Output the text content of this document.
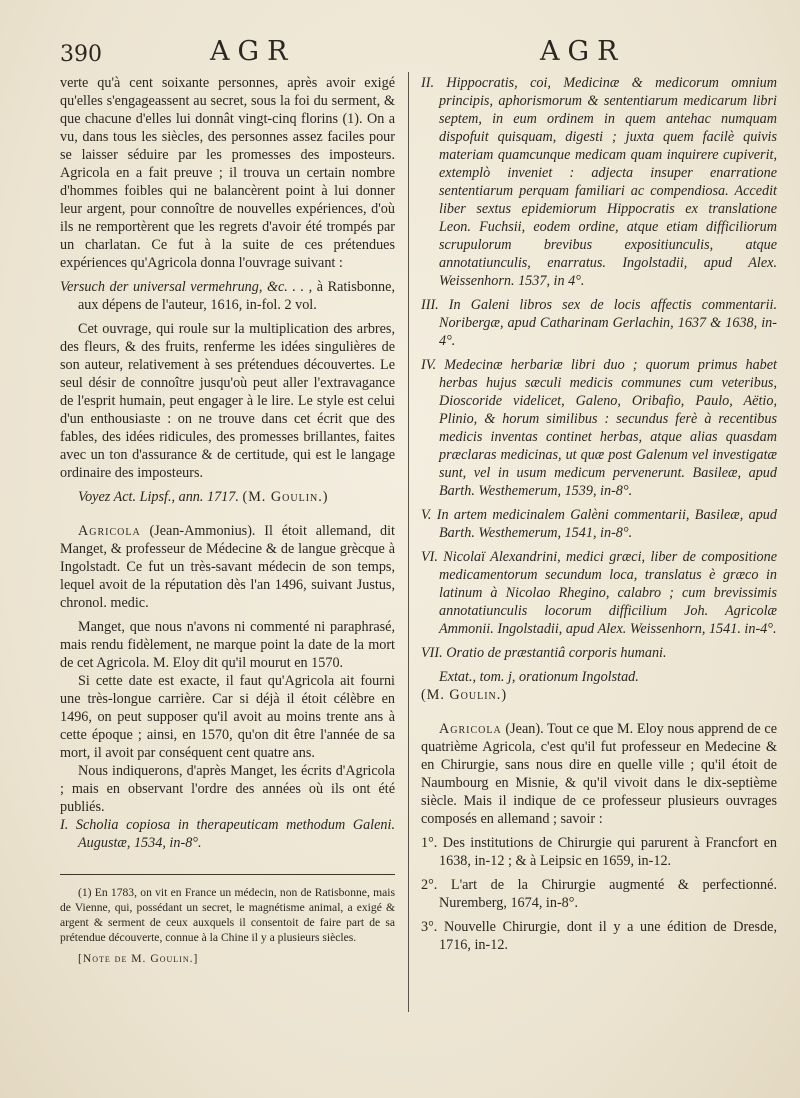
390	AGR	AGR

verte qu'à cent soixante personnes, après avoir exigé qu'elles s'engageassent au secret, sous la foi du serment, & que chacune d'elles lui donnât vingt-cinq florins (1). On a vu, dans tous les siècles, des personnes assez faciles pour se laisser séduire par les promesses des imposteurs. Agricola en a fait preuve ; il trouva un certain nombre d'hommes foibles qui ne balancèrent point à lui donner leur argent, pour connoître de nouvelles expériences, d'où ils ne remportèrent que les regrets d'avoir été trompés par un charlatan. Ce fut à la suite de ces prétendues expériences qu'Agricola donna l'ouvrage suivant :

Versuch der universal vermehrung, &c. . . , à Ratisbonne, aux dépens de l'auteur, 1616, in-fol. 2 vol.

Cet ouvrage, qui roule sur la multiplication des arbres, des fleurs, & des fruits, renferme les idées singulières de son auteur, relativement à ses prétendues découvertes. Le seul désir de connoître jusqu'où peut aller l'extravagance de l'esprit humain, peut engager à le lire. Le style est celui d'un enthousiaste : on ne trouve dans cet écrit que des fables, des idées ridicules, des promesses brillantes, faites avec un ton d'assurance & de certitude, qui est le langage ordinaire des imposteurs.

Voyez Act. Lipsf., ann. 1717. (M. Goulin.)

Agricola (Jean-Ammonius). Il étoit allemand, dit Manget, & professeur de Médecine & de langue grècque à Ingolstadt. Ce fut un très-savant médecin de son temps, lequel avoit de la réputation dès l'an 1496, suivant Justus, chronol. medic.

Manget, que nous n'avons ni commenté ni paraphrasé, mais rendu fidèlement, ne marque point la date de la mort de cet Agricola. M. Eloy dit qu'il mourut en 1570.

Si cette date est exacte, il faut qu'Agricola ait fourni une très-longue carrière. Car si déjà il étoit célèbre en 1496, on peut supposer qu'il avoit au moins trente ans à cette époque ; ainsi, en 1570, qu'on dit être l'année de sa mort, il avoit par conséquent cent quatre ans.

Nous indiquerons, d'après Manget, les écrits d'Agricola ; mais en observant l'ordre des années où ils ont été publiés.

I. Scholia copiosa in therapeuticam methodum Galeni. Augustæ, 1534, in-8°.

(1) En 1783, on vit en France un médecin, non de Ratisbonne, mais de Vienne, qui, possédant un secret, le magnétisme animal, a exigé & argent & serment de ceux auxquels il consentoit de faire part de sa prétendue découverte, connue à la Chine il y a plusieurs siècles.

[Note de M. Goulin.]

II. Hippocratis, coi, Medicinæ & medicorum omnium principis, aphorismorum & sententiarum medicarum libri septem, in eum ordinem in quem antehac numquam dispofuit quisquam, digesti ; juxta quem facilè quivis materiam quamcunque medicam quam inquirere cupiverit, extemplò inveniet : adjecta insuper enarratione sententiarum perquam familiari ac compendiosa. Accedit liber sextus epidemiorum Hippocratis ex translatione Leon. Fuchsii, eodem ordine, atque etiam difficiliorum scrupulorum brevibus expositiunculis, atque annotatiunculis, enarratus. Ingolstadii, apud Alex. Weissenhorn. 1537, in 4°.

III. In Galeni libros sex de locis affectis commentarii. Noribergæ, apud Catharinam Gerlachin, 1637 & 1638, in-4°.

IV. Medecinæ herbariæ libri duo ; quorum primus habet herbas hujus sæculi medicis communes cum veteribus, Dioscoride videlicet, Galeno, Oribafio, Paulo, Aëtio, Plinio, & horum similibus : secundus ferè à recentibus medicis inventas continet herbas, atque alias quasdam præclaras medicinas, ut quæ post Galenum vel investigatæ sunt, vel in usum medicum pervenerunt. Basileæ, apud Barth. Westhemerum, 1539, in-8°.

V. In artem medicinalem Galèni commentarii, Basileæ, apud Barth. Westhemerum, 1541, in-8°.

VI. Nicolaï Alexandrini, medici græci, liber de compositione medicamentorum secundum loca, translatus è græco in latinum à Nicolao Rhegino, calabro ; cum brevissimis annotatiunculis locorum difficilium Joh. Agricolæ Ammonii. Ingolstadii, apud Alex. Weissenhorn, 1541. in-4°.

VII. Oratio de præstantiâ corporis humani.

Extat., tom. j, orationum Ingolstad.

(M. Goulin.)

Agricola (Jean). Tout ce que M. Eloy nous apprend de ce quatrième Agricola, c'est qu'il fut professeur en Medecine & en Chirurgie, sans nous dire en quelle ville ; qu'il étoit de Naumbourg en Misnie, & qu'il vivoit dans le dix-septième siècle. Mais il indique de ce professeur plusieurs ouvrages composés en allemand ; savoir :

1°. Des institutions de Chirurgie qui parurent à Francfort en 1638, in-12 ; & à Leipsic en 1659, in-12.

2°. L'art de la Chirurgie augmenté & perfectionné. Nuremberg, 1674, in-8°.

3°. Nouvelle Chirurgie, dont il y a une édition de Dresde, 1716, in-12.
